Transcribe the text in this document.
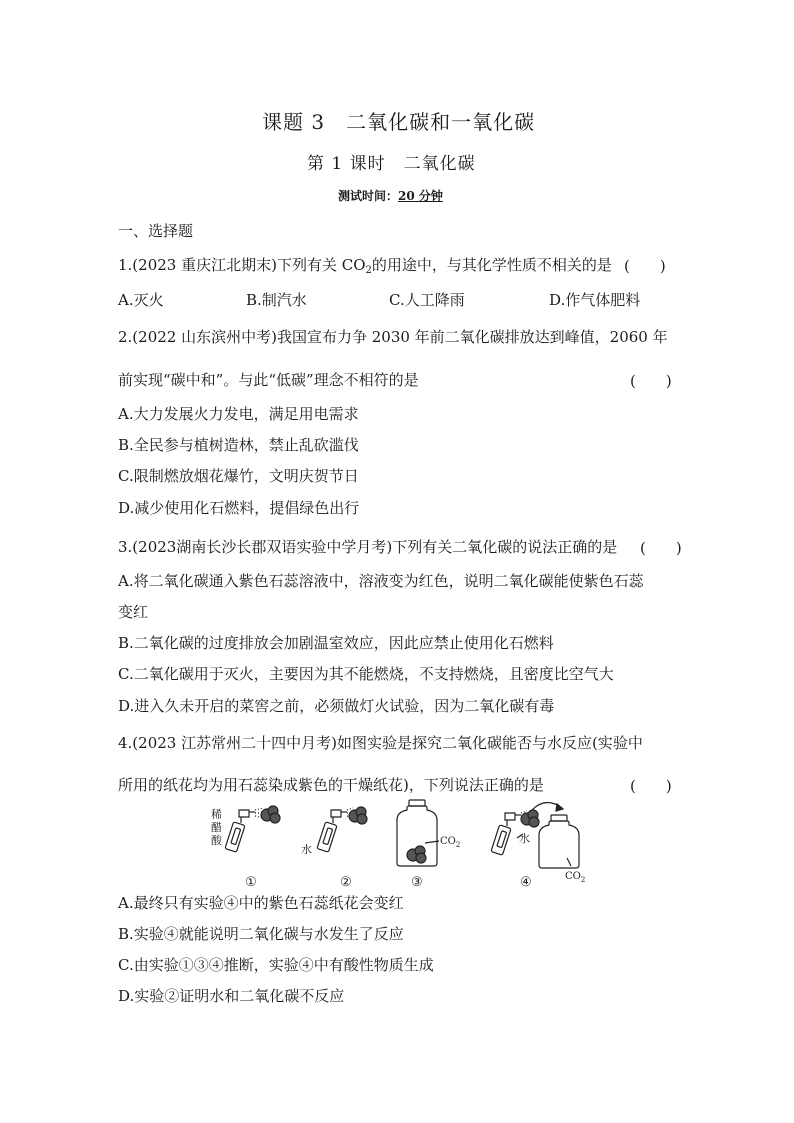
课题 3　二氧化碳和一氧化碳
第 1 课时　二氧化碳
测试时间：20 分钟
一、选择题
1.(2023 重庆江北期末)下列有关 $CO_2$的用途中，与其化学性质不相关的是 (　　)
A.灭火	B.制汽水	C.人工降雨	D.作气体肥料
2.(2022 山东滨州中考)我国宣布力争 2030 年前二氧化碳排放达到峰值，2060 年
前实现“碳中和”。与此“低碳”理念不相符的是	(　　)
A.大力发展火力发电，满足用电需求
B.全民参与植树造林，禁止乱砍滥伐
C.限制燃放烟花爆竹，文明庆贺节日
D.减少使用化石燃料，提倡绿色出行
3.(2023湖南长沙长郡双语实验中学月考)下列有关二氧化碳的说法正确的是 (　　)
A.将二氧化碳通入紫色石蕊溶液中，溶液变为红色，说明二氧化碳能使紫色石蕊
变红
B.二氧化碳的过度排放会加剧温室效应，因此应禁止使用化石燃料
C.二氧化碳用于灭火，主要因为其不能燃烧，不支持燃烧，且密度比空气大
D.进入久未开启的菜窖之前，必须做灯火试验，因为二氧化碳有毒
4.(2023 江苏常州二十四中月考)如图实验是探究二氧化碳能否与水反应(实验中
所用的纸花均为用石蕊染成紫色的干燥纸花)，下列说法正确的是	(　　)
稀
醋
酸
①
水
②
$CO_2$
③
水
$CO_2$
④
A.最终只有实验④中的紫色石蕊纸花会变红
B.实验④就能说明二氧化碳与水发生了反应
C.由实验①③④推断，实验④中有酸性物质生成
D.实验②证明水和二氧化碳不反应
